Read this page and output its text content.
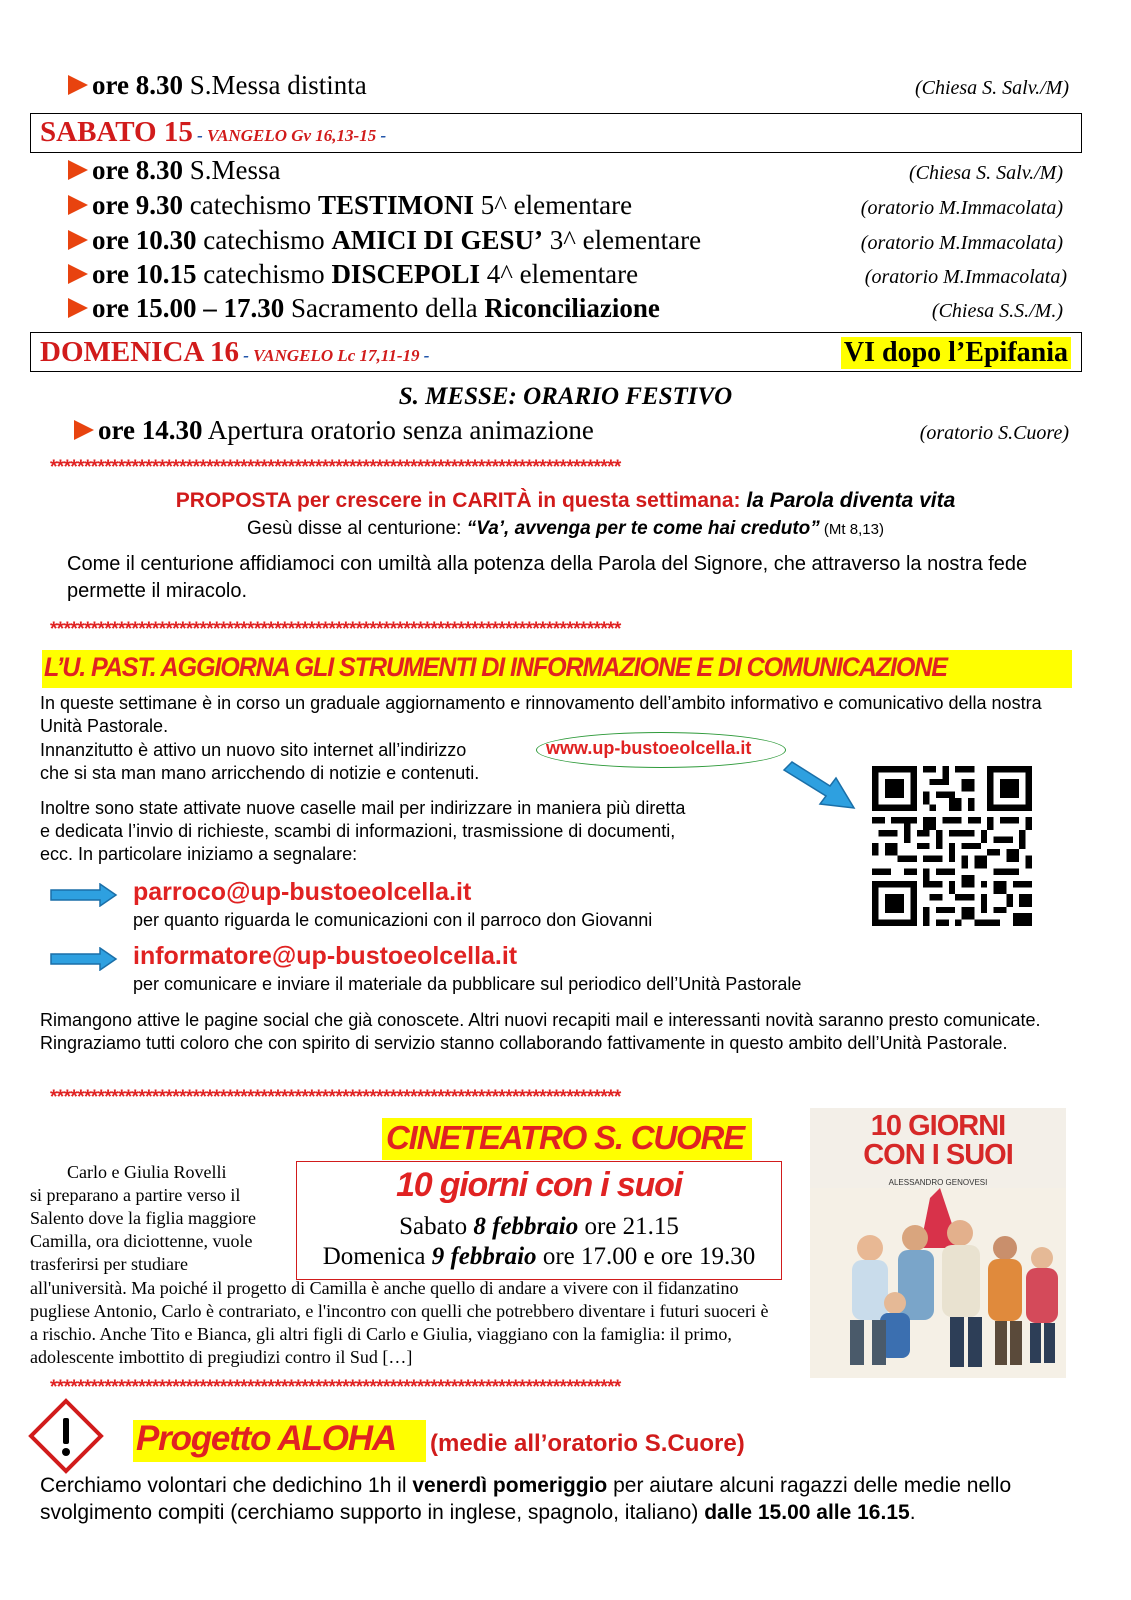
ore 8.30 S.Messa distinta	(Chiesa S. Salv./M)
SABATO 15 - VANGELO Gv 16,13-15 -
ore 8.30 S.Messa	(Chiesa S. Salv./M)
ore 9.30 catechismo TESTIMONI 5^ elementare	(oratorio M.Immacolata)
ore 10.30 catechismo AMICI DI GESU’ 3^ elementare	(oratorio M.Immacolata)
ore 10.15 catechismo DISCEPOLI 4^ elementare	(oratorio M.Immacolata)
ore 15.00 – 17.30 Sacramento della Riconciliazione	(Chiesa S.S./M.)
DOMENICA 16 - VANGELO Lc 17,11-19 -	VI dopo l’Epifania
S. MESSE: ORARIO FESTIVO
ore 14.30 Apertura oratorio senza animazione	(oratorio S.Cuore)
************************************************************************************
PROPOSTA per crescere in CARITÀ in questa settimana: la Parola diventa vita
Gesù disse al centurione: “Va’, avvenga per te come hai creduto” (Mt 8,13)
Come il centurione affidiamoci con umiltà alla potenza della Parola del Signore, che attraverso la nostra fede permette il miracolo.
************************************************************************************
L’U. PAST. AGGIORNA GLI STRUMENTI DI INFORMAZIONE E DI COMUNICAZIONE
In queste settimane è in corso un graduale aggiornamento e rinnovamento dell’ambito informativo e comunicativo della nostra Unità Pastorale.
Innanzitutto è attivo un nuovo sito internet all’indirizzo	www.up-bustoeolcella.it
che si sta man mano arricchendo di notizie e contenuti.
Inoltre sono state attivate nuove caselle mail per indirizzare in maniera più diretta e dedicata l’invio di richieste, scambi di informazioni, trasmissione di documenti, ecc. In particolare iniziamo a segnalare:
parroco@up-bustoeolcella.it
per quanto riguarda le comunicazioni con il parroco don Giovanni
informatore@up-bustoeolcella.it
per comunicare e inviare il materiale da pubblicare sul periodico dell’Unità Pastorale
Rimangono attive le pagine social che già conoscete. Altri nuovi recapiti mail e interessanti novità saranno presto comunicate. Ringraziamo tutti coloro che con spirito di servizio stanno collaborando fattivamente in questo ambito dell’Unità Pastorale.
************************************************************************************
CINETEATRO S. CUORE
10 giorni con i suoi
Sabato 8 febbraio ore 21.15
Domenica 9 febbraio ore 17.00 e ore 19.30
Carlo e Giulia Rovelli
si preparano a partire verso il
Salento dove la figlia maggiore
Camilla, ora diciottenne, vuole
trasferirsi per studiare
all'università. Ma poiché il progetto di Camilla è anche quello di andare a vivere con il fidanzatino pugliese Antonio, Carlo è contrariato, e l'incontro con quelli che potrebbero diventare i futuri suoceri è a rischio. Anche Tito e Bianca, gli altri figli di Carlo e Giulia, viaggiano con la famiglia: il primo, adolescente imbottito di pregiudizi contro il Sud […]
10 GIORNI
CON I SUOI
ALESSANDRO GENOVESI
************************************************************************************
Progetto ALOHA (medie all’oratorio S.Cuore)
Cerchiamo volontari che dedichino 1h il venerdì pomeriggio per aiutare alcuni ragazzi delle medie nello svolgimento compiti (cerchiamo supporto in inglese, spagnolo, italiano) dalle 15.00 alle 16.15.
